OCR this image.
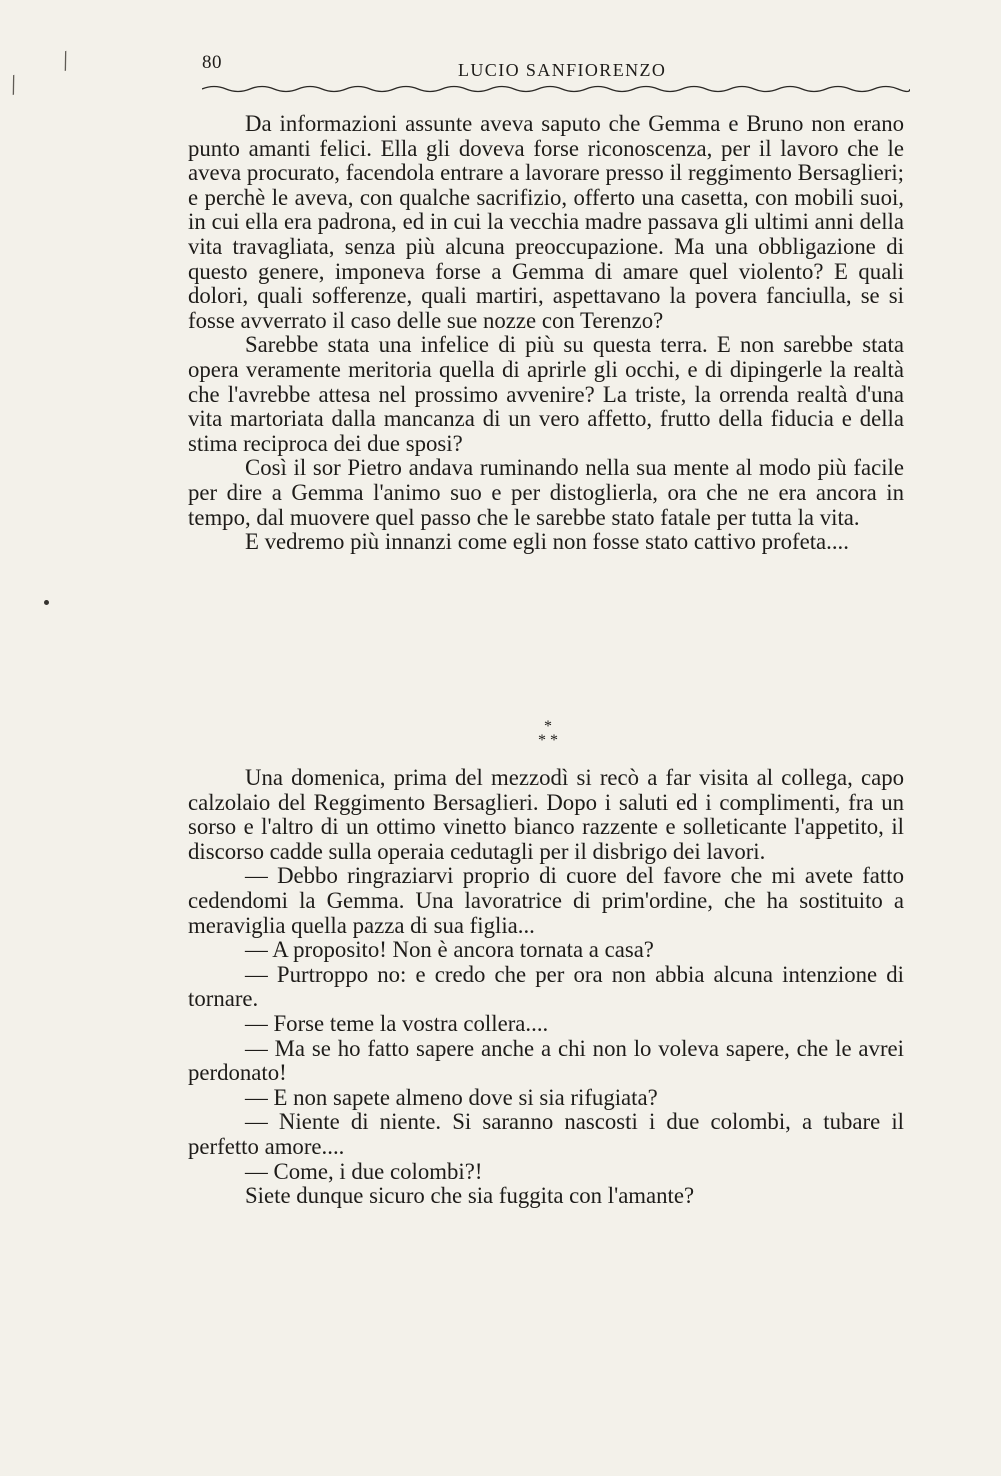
/
/
80	LUCIO SANFIORENZO

Da informazioni assunte aveva saputo che Gemma e Bruno non erano punto amanti felici. Ella gli doveva forse riconoscenza, per il lavoro che le aveva procurato, facendola entrare a lavorare presso il reggimento Bersaglieri; e perchè le aveva, con qualche sacrifizio, offerto una casetta, con mobili suoi, in cui ella era padrona, ed in cui la vecchia madre passava gli ultimi anni della vita travagliata, senza più alcuna preoccupazione. Ma una obbligazione di questo genere, imponeva forse a Gemma di amare quel violento? E quali dolori, quali sofferenze, quali martiri, aspettavano la povera fanciulla, se si fosse avverrato il caso delle sue nozze con Terenzo?

Sarebbe stata una infelice di più su questa terra. E non sarebbe stata opera veramente meritoria quella di aprirle gli occhi, e di dipingerle la realtà che l'avrebbe attesa nel prossimo avvenire? La triste, la orrenda realtà d'una vita martoriata dalla mancanza di un vero affetto, frutto della fiducia e della stima reciproca dei due sposi?

Così il sor Pietro andava ruminando nella sua mente al modo più facile per dire a Gemma l'animo suo e per distoglierla, ora che ne era ancora in tempo, dal muovere quel passo che le sarebbe stato fatale per tutta la vita.

E vedremo più innanzi come egli non fosse stato cattivo profeta....

*
* *

Una domenica, prima del mezzodì si recò a far visita al collega, capo calzolaio del Reggimento Bersaglieri. Dopo i saluti ed i complimenti, fra un sorso e l'altro di un ottimo vinetto bianco razzente e solleticante l'appetito, il discorso cadde sulla operaia cedutagli per il disbrigo dei lavori.

— Debbo ringraziarvi proprio di cuore del favore che mi avete fatto cedendomi la Gemma. Una lavoratrice di prim'ordine, che ha sostituito a meraviglia quella pazza di sua figlia...

— A proposito! Non è ancora tornata a casa?

— Purtroppo no: e credo che per ora non abbia alcuna intenzione di tornare.

— Forse teme la vostra collera....

— Ma se ho fatto sapere anche a chi non lo voleva sapere, che le avrei perdonato!

— E non sapete almeno dove si sia rifugiata?

— Niente di niente. Si saranno nascosti i due colombi, a tubare il perfetto amore....

— Come, i due colombi?!

Siete dunque sicuro che sia fuggita con l'amante?
